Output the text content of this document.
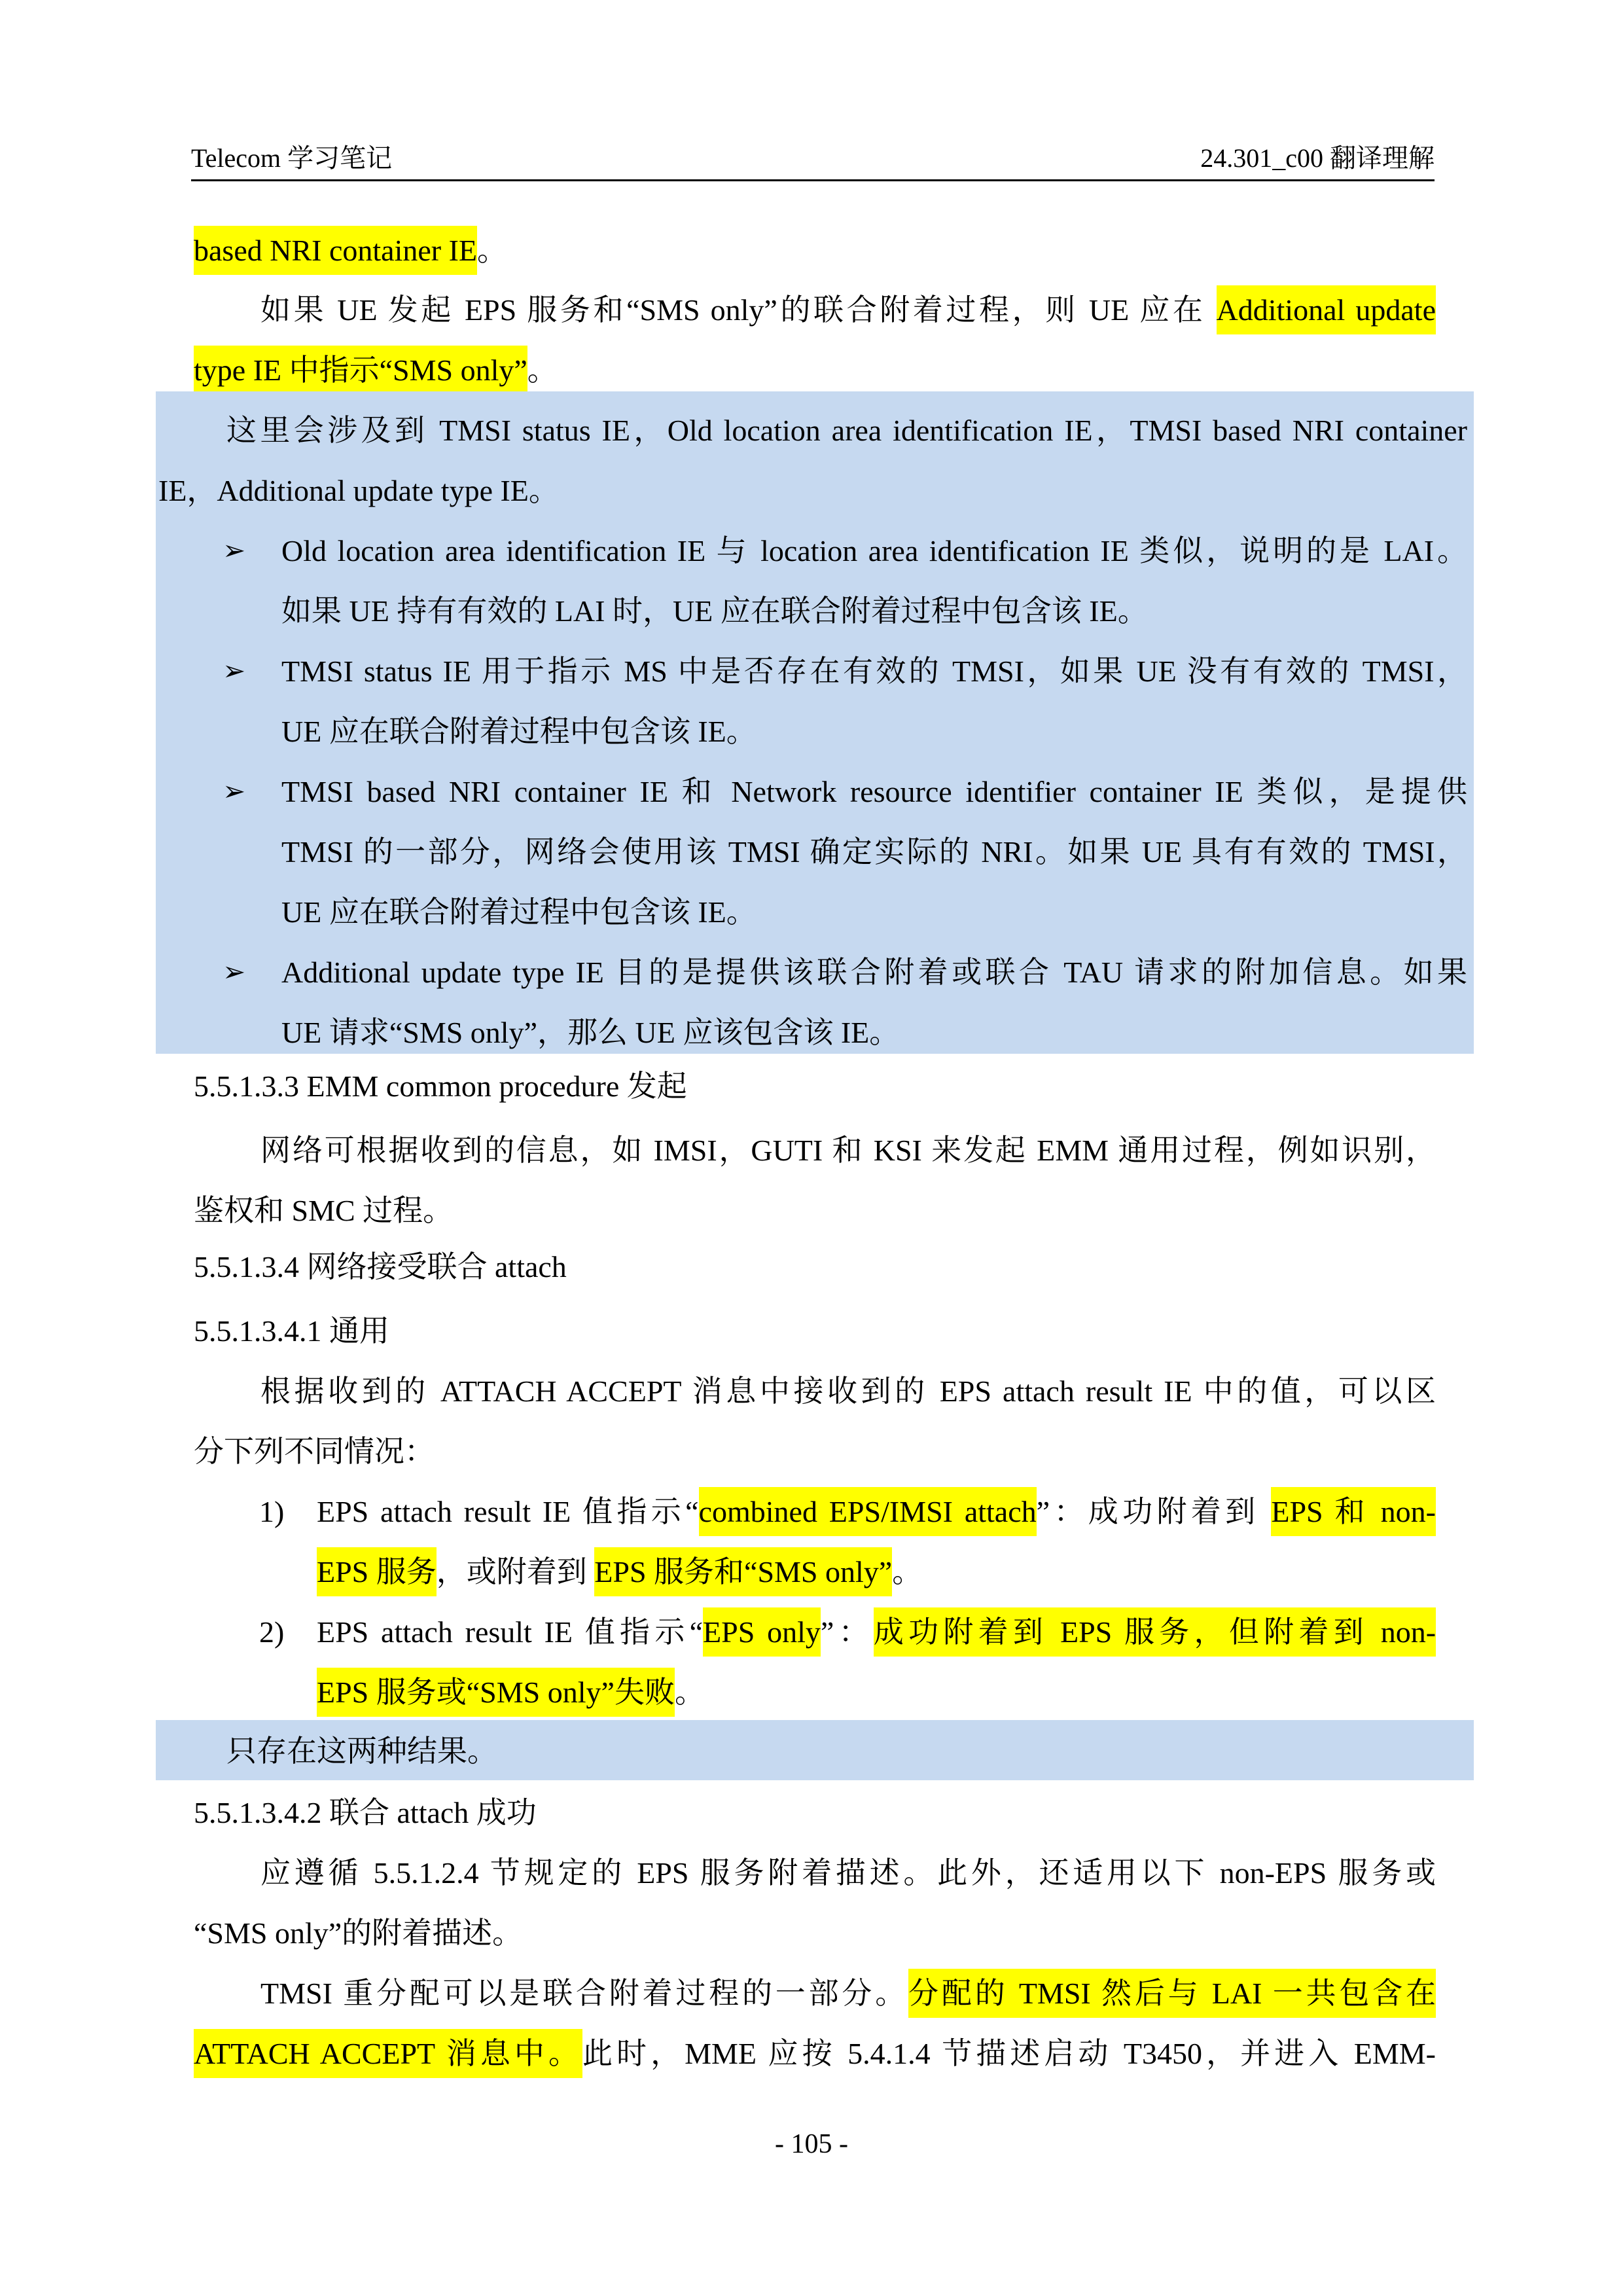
Telecom 学习笔记	24.301_c00 翻译理解
based NRI container IE。
如果 UE 发起 EPS 服务和“SMS only”的联合附着过程，则 UE 应在 Additional update
type IE 中指示“SMS only”。
这里会涉及到 TMSI status IE，Old location area identification IE，TMSI based NRI container
IE，Additional update type IE。
➢ Old location area identification IE 与 location area identification IE 类似，说明的是 LAI。
如果 UE 持有有效的 LAI 时，UE 应在联合附着过程中包含该 IE。
➢ TMSI status IE 用于指示 MS 中是否存在有效的 TMSI，如果 UE 没有有效的 TMSI，
UE 应在联合附着过程中包含该 IE。
➢ TMSI based NRI container IE 和 Network resource identifier container IE 类似，是提供
TMSI 的一部分，网络会使用该 TMSI 确定实际的 NRI。如果 UE 具有有效的 TMSI，
UE 应在联合附着过程中包含该 IE。
➢ Additional update type IE 目的是提供该联合附着或联合 TAU 请求的附加信息。如果
UE 请求“SMS only”，那么 UE 应该包含该 IE。
5.5.1.3.3 EMM common procedure 发起
网络可根据收到的信息，如 IMSI，GUTI 和 KSI 来发起 EMM 通用过程，例如识别，
鉴权和 SMC 过程。
5.5.1.3.4 网络接受联合 attach
5.5.1.3.4.1 通用
根据收到的 ATTACH ACCEPT 消息中接收到的 EPS attach result IE 中的值，可以区
分下列不同情况：
1) EPS attach result IE 值指示“combined EPS/IMSI attach”：成功附着到 EPS 和 non-
EPS 服务，或附着到 EPS 服务和“SMS only”。
2) EPS attach result IE 值指示“EPS only”：成功附着到 EPS 服务，但附着到 non-
EPS 服务或“SMS only”失败。
只存在这两种结果。
5.5.1.3.4.2 联合 attach 成功
应遵循 5.5.1.2.4 节规定的 EPS 服务附着描述。此外，还适用以下 non-EPS 服务或
“SMS only”的附着描述。
TMSI 重分配可以是联合附着过程的一部分。分配的 TMSI 然后与 LAI 一共包含在
ATTACH ACCEPT 消息中。此时，MME 应按 5.4.1.4 节描述启动 T3450，并进入 EMM-
- 105 -
